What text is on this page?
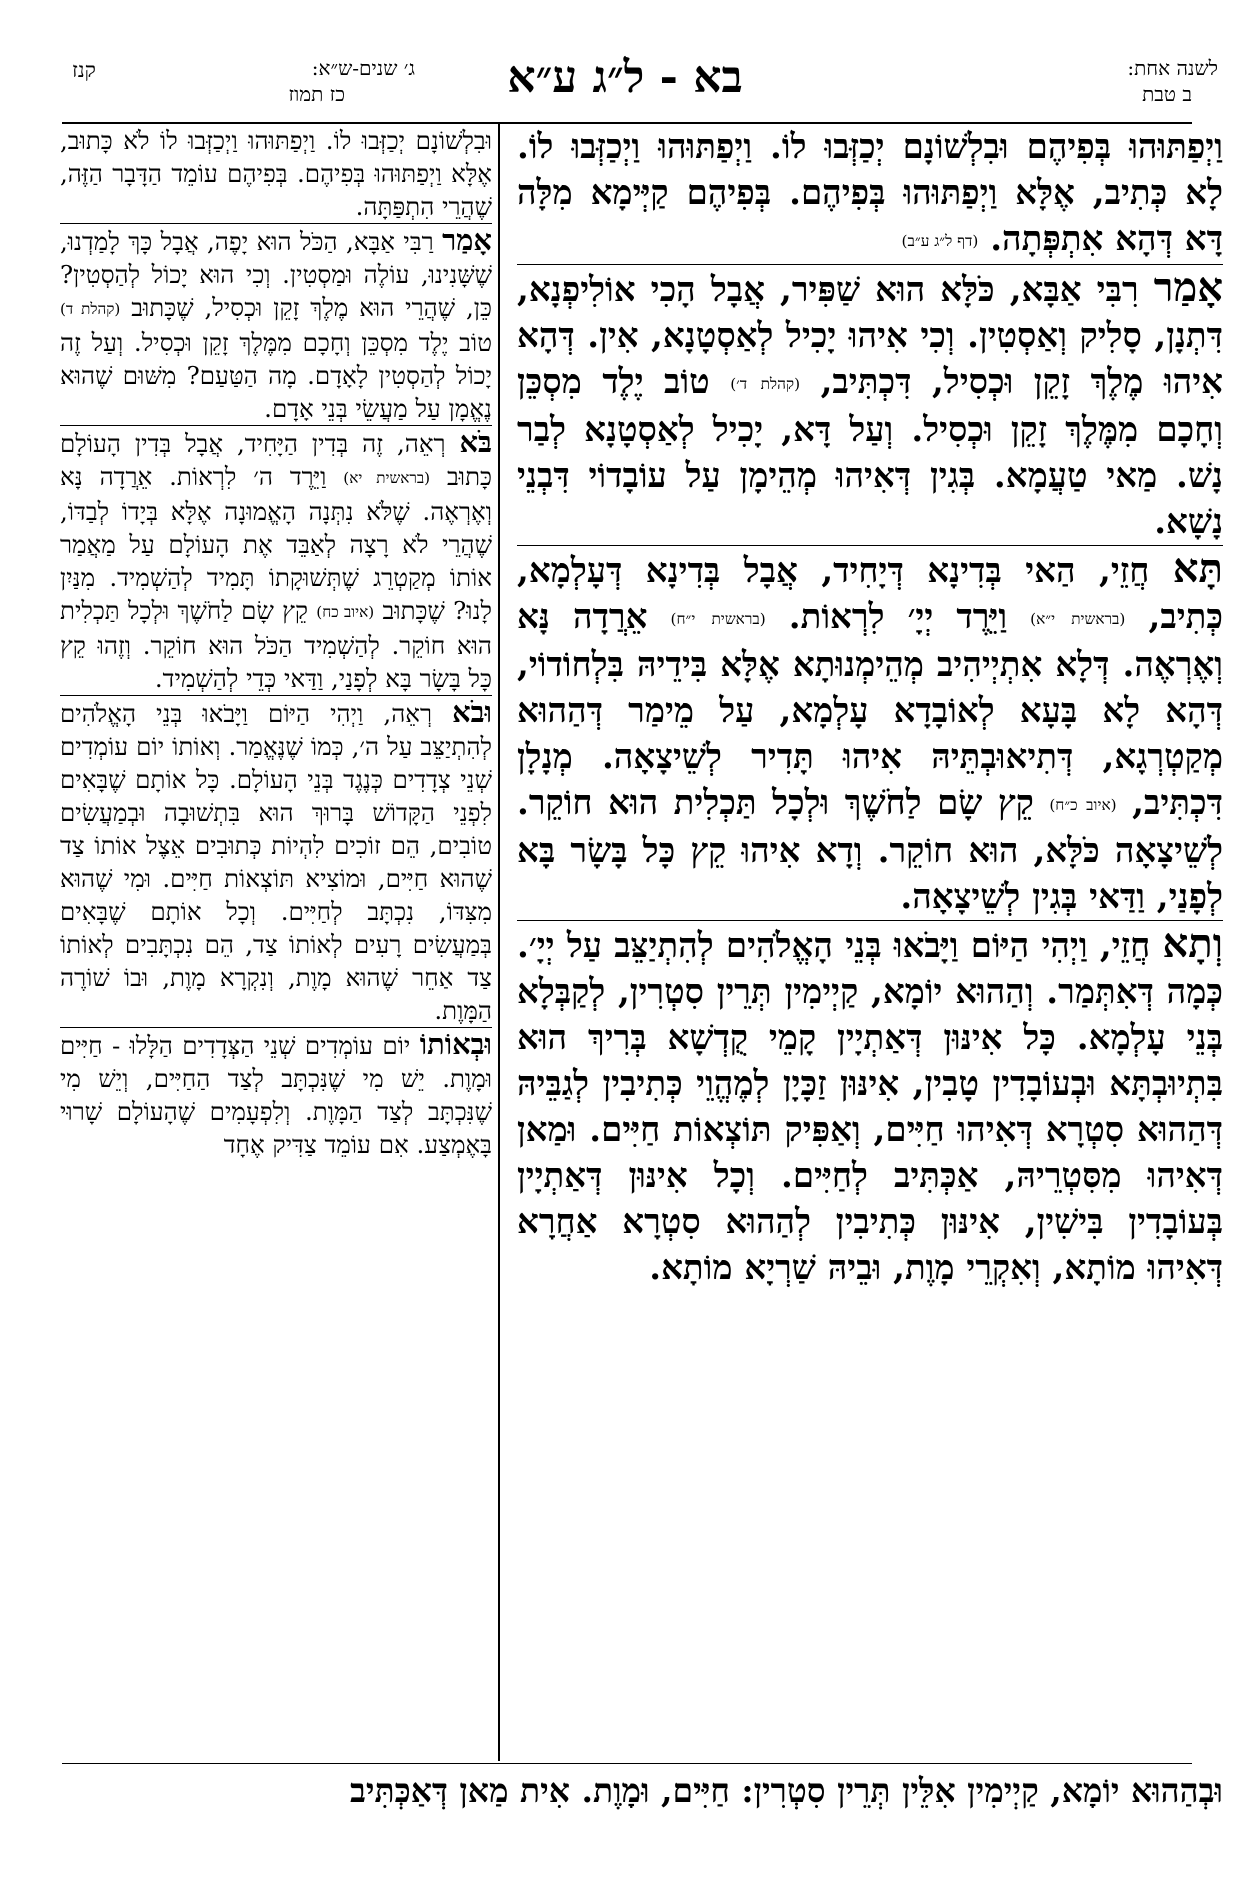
לשנה אחת:
ב טבת
בא - ל״ג ע״א
ג׳ שנים-ש״א:
כז תמוז
קנז

וַיְפַתּוּהוּ בְּפִיהֶם וּבִלְשׁוֹנָם יְכַזְּבוּ לוֹ. וַיְפַתּוּהוּ וַיְכַזְּבוּ לוֹ. לָא כְּתִיב, אֶלָּא וַיְפַתּוּהוּ בְּפִיהֶם. בְּפִיהֶם קַיְּימָא מִלָּה דָּא דְּהָא אִתְפְּתָה. (דף ל״ג ע״ב)

אָמַר רִבִּי אַבָּא, כֹּלָּא הוּא שַׁפִּיר, אֲבָל הָכִי אוֹלִיפְנָא, דִּתְנָן, סָלִיק וְאַסְטִין. וְכִי אִיהוּ יָכִיל לְאַסְטָנָא, אִין. דְּהָא אִיהוּ מֶלֶךְ זָקֵן וּכְסִיל, דִּכְתִּיב, (קהלת ד׳) טוֹב יֶלֶד מִסְכֵּן וְחָכָם מִמֶּלֶךְ זָקֵן וּכְסִיל. וְעַל דָּא, יָכִיל לְאַסְטָנָא לְבַר נָשׁ. מַאי טַעֲמָא. בְּגִין דְּאִיהוּ מְהֵימָן עַל עוֹבָדוֹי דִּבְנֵי נָשָׁא.

תָּא חֲזֵי, הַאי בְּדִינָא דְּיָחִיד, אֲבָל בְּדִינָא דְּעָלְמָא, כְּתִיב, (בראשית י״א) וַיֵּרֶד יְיָ׳ לִרְאוֹת. (בראשית י״ח) אֵרֲדָה נָּא וְאֶרְאֶה. דְּלָא אִתְיְיהִיב מְהֵימְנוּתָא אֶלָּא בִּידֵיהּ בִּלְחוֹדוֹי, דְּהָא לָא בָּעָא לְאוֹבָדָא עָלְמָא, עַל מֵימַר דְּהַהוּא מְקַטְרְגָא, דְּתִיאוּבְתֵּיהּ אִיהוּ תָּדִיר לְשֵׁיצָאָה. מְנָלָן דִּכְתִּיב, (איוב כ״ח) קֵץ שָׂם לַחֹשֶׁךְ וּלְכָל תַּכְלִית הוּא חוֹקֵר. לְשֵׁיצָאָה כֹּלָּא, הוּא חוֹקֵר. וְדָא אִיהוּ קֵץ כָּל בָּשָׂר בָּא לְפָנַי, וַדַּאי בְּגִין לְשֵׁיצָאָה.

וְתָא חֲזֵי, וַיְהִי הַיּוֹם וַיָּבֹאוּ בְּנֵי הָאֱלֹהִים לְהִתְיַצֵּב עַל יְיָ׳. כְּמָה דְּאִתְּמַר. וְהַהוּא יוֹמָא, קַיְימִין תְּרֵין סִטְרִין, לְקַבְּלָא בְּנֵי עָלְמָא. כָּל אִינּוּן דְּאַתְיָין קָמֵי קֻדְשָׁא בְּרִיךְ הוּא בִּתְיוּבְתָּא וּבְעוֹבָדִין טָבִין, אִינּוּן זַכָּיָן לְמֶהֱוֵי כְּתִיבִין לְגַבֵּיהּ דְּהַהוּא סִטְרָא דְּאִיהוּ חַיִּים, וְאַפִּיק תּוֹצְאוֹת חַיִּים. וּמַאן דְּאִיהוּ מִסִּטְרֵיהּ, אַכְּתִּיב לְחַיִּים. וְכָל אִינּוּן דְּאַתְיָין בְּעוֹבָדִין בִּישִׁין, אִינּוּן כְּתִיבִין לְהַהוּא סִטְרָא אַחֲרָא דְּאִיהוּ מוֹתָא, וְאִקְרֵי מָוֶת, וּבֵיהּ שַׁרְיָא מוֹתָא.

וּבִלְשׁוֹנָם יְכַזְּבוּ לוֹ. וַיְפַתּוּהוּ וַיְכַזְּבוּ לוֹ לֹא כָּתוּב, אֶלָּא וַיְפַתּוּהוּ בְּפִיהֶם. בְּפִיהֶם עוֹמֵד הַדָּבָר הַזֶּה, שֶׁהֲרֵי הִתְפַּתָּה.

אָמַר רַבִּי אַבָּא, הַכֹּל הוּא יָפֶה, אֲבָל כָּךְ לָמַדְנוּ, שֶׁשָּׁנִינוּ, עוֹלֶה וּמַסְטִין. וְכִי הוּא יָכוֹל לְהַסְטִין? כֵּן, שֶׁהֲרֵי הוּא מֶלֶךְ זָקֵן וּכְסִיל, שֶׁכָּתוּב (קהלת ד) טוֹב יֶלֶד מִסְכֵּן וְחָכָם מִמֶּלֶךְ זָקֵן וּכְסִיל. וְעַל זֶה יָכוֹל לְהַסְטִין לָאָדָם. מָה הַטַּעַם? מִשּׁוּם שֶׁהוּא נֶאֱמָן עַל מַעֲשֵׂי בְּנֵי אָדָם.

בֹּא רְאֵה, זֶה בְּדִין הַיָּחִיד, אֲבָל בְּדִין הָעוֹלָם כָּתוּב (בראשית יא) וַיֵּרֶד ה׳ לִרְאוֹת. אֵרֲדָה נָּא וְאֶרְאֶה. שֶׁלֹּא נִתְּנָה הָאֱמוּנָה אֶלָּא בְּיָדוֹ לְבַדּוֹ, שֶׁהֲרֵי לֹא רָצָה לְאַבֵּד אֶת הָעוֹלָם עַל מַאֲמַר אוֹתוֹ מְקַטְרֵג שֶׁתְּשׁוּקָתוֹ תָּמִיד לְהַשְׁמִיד. מִנַּיִן לָנוּ? שֶׁכָּתוּב (איוב כח) קֵץ שָׂם לַחֹשֶׁךְ וּלְכָל תַּכְלִית הוּא חוֹקֵר. לְהַשְׁמִיד הַכֹּל הוּא חוֹקֵר. וְזֶהוּ קֵץ כָּל בָּשָׂר בָּא לְפָנַי, וַדַּאי כְּדֵי לְהַשְׁמִיד.

וּבֹא רְאֵה, וַיְהִי הַיּוֹם וַיָּבֹאוּ בְּנֵי הָאֱלֹהִים לְהִתְיַצֵּב עַל ה׳, כְּמוֹ שֶׁנֶּאֱמַר. וְאוֹתוֹ יוֹם עוֹמְדִים שְׁנֵי צְדָדִים כְּנֶגֶד בְּנֵי הָעוֹלָם. כָּל אוֹתָם שֶׁבָּאִים לִפְנֵי הַקָּדוֹשׁ בָּרוּךְ הוּא בִּתְשׁוּבָה וּבְמַעֲשִׂים טוֹבִים, הֵם זוֹכִים לִהְיוֹת כְּתוּבִים אֵצֶל אוֹתוֹ צַד שֶׁהוּא חַיִּים, וּמוֹצִיא תּוֹצְאוֹת חַיִּים. וּמִי שֶׁהוּא מִצִּדּוֹ, נִכְתָּב לְחַיִּים. וְכָל אוֹתָם שֶׁבָּאִים בְּמַעֲשִׂים רָעִים לְאוֹתוֹ צַד, הֵם נִכְתָּבִים לְאוֹתוֹ צַד אַחֵר שֶׁהוּא מָוֶת, וְנִקְרָא מָוֶת, וּבוֹ שׁוֹרֶה הַמָּוֶת.

וּבְאוֹתוֹ יוֹם עוֹמְדִים שְׁנֵי הַצְּדָדִים הַלָּלוּ - חַיִּים וּמָוֶת. יֵשׁ מִי שֶׁנִּכְתָּב לְצַד הַחַיִּים, וְיֵשׁ מִי שֶׁנִּכְתָּב לְצַד הַמָּוֶת. וְלִפְעָמִים שֶׁהָעוֹלָם שָׁרוּי בָּאֶמְצַע. אִם עוֹמֵד צַדִּיק אֶחָד

וּבְהַהוּא יוֹמָא, קַיְימִין אִלֵּין תְּרֵין סִטְרִין: חַיִּים, וּמָוֶת. אִית מַאן דְּאַכְּתִּיב
